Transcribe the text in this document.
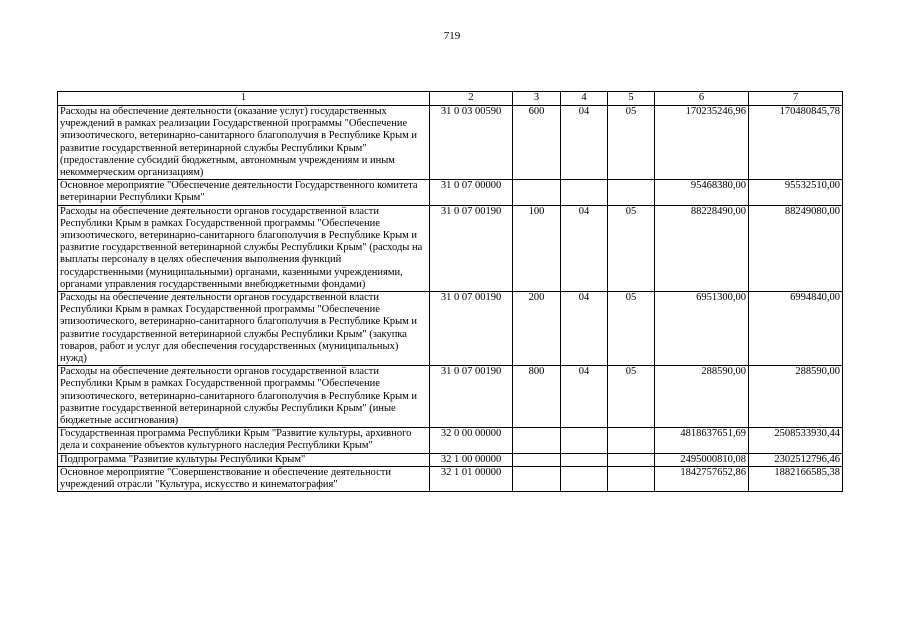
719
1	2	3	4	5	6	7
Расходы на обеспечение деятельности (оказание услуг) государственных учреждений в рамках реализации Государственной программы "Обеспечение эпизоотического, ветеринарно-санитарного благополучия в Республике Крым и развитие государственной ветеринарной службы Республики Крым" (предоставление субсидий бюджетным, автономным учреждениям и иным некоммерческим организациям)	31 0 03 00590	600	04	05	170235246,96	170480845,78
Основное мероприятие "Обеспечение деятельности Государственного комитета ветеринарии Республики Крым"	31 0 07 00000				95468380,00	95532510,00
Расходы на обеспечение деятельности органов государственной власти Республики Крым в рамках Государственной программы "Обеспечение эпизоотического, ветеринарно-санитарного благополучия в Республике Крым и развитие государственной ветеринарной службы Республики Крым" (расходы на выплаты персоналу в целях обеспечения выполнения функций государственными (муниципальными) органами, казенными учреждениями, органами управления государственными внебюджетными фондами)	31 0 07 00190	100	04	05	88228490,00	88249080,00
Расходы на обеспечение деятельности органов государственной власти Республики Крым в рамках Государственной программы "Обеспечение эпизоотического, ветеринарно-санитарного благополучия в Республике Крым и развитие государственной ветеринарной службы Республики Крым" (закупка товаров, работ и услуг для обеспечения государственных (муниципальных) нужд)	31 0 07 00190	200	04	05	6951300,00	6994840,00
Расходы на обеспечение деятельности органов государственной власти Республики Крым в рамках Государственной программы "Обеспечение эпизоотического, ветеринарно-санитарного благополучия в Республике Крым и развитие государственной ветеринарной службы Республики Крым" (иные бюджетные ассигнования)	31 0 07 00190	800	04	05	288590,00	288590,00
Государственная программа Республики Крым "Развитие культуры, архивного дела и сохранение объектов культурного наследия Республики Крым"	32 0 00 00000				4818637651,69	2508533930,44
Подпрограмма "Развитие культуры Республики Крым"	32 1 00 00000				2495000810,08	2302512796,46
Основное мероприятие "Совершенствование и обеспечение деятельности учреждений отрасли "Культура, искусство и кинематография"	32 1 01 00000				1842757652,86	1882166585,38
